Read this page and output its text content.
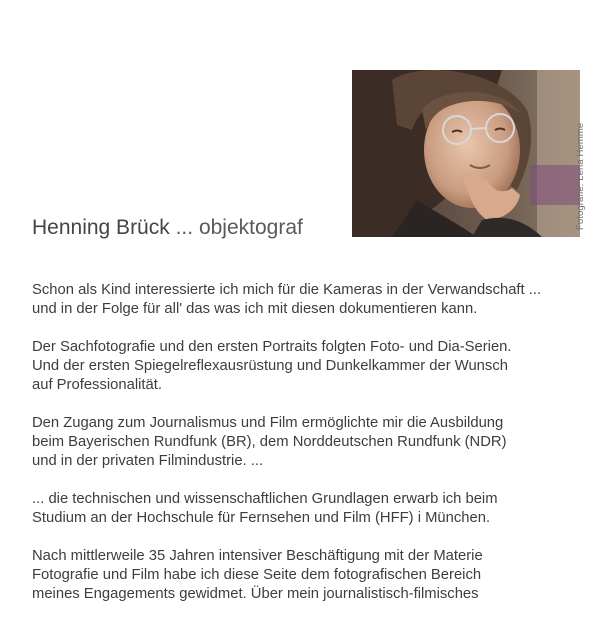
Fotografie: Lena Hemme
Henning Brück ... objektograf

Schon als Kind interessierte ich mich für die Kameras in der Verwandschaft ...
und in der Folge für all' das was ich mit diesen dokumentieren kann.

Der Sachfotografie und den ersten Portraits folgten Foto- und Dia-Serien.
Und der ersten Spiegelreflexausrüstung und Dunkelkammer der Wunsch
auf Professionalität.

Den Zugang zum Journalismus und Film ermöglichte mir die Ausbildung
beim Bayerischen Rundfunk (BR), dem Norddeutschen Rundfunk (NDR)
und in der privaten Filmindustrie. ...

... die technischen und wissenschaftlichen Grundlagen erwarb ich beim
Studium an der Hochschule für Fernsehen und Film (HFF) i München.

Nach mittlerweile 35 Jahren intensiver Beschäftigung mit der Materie
Fotografie und Film habe ich diese Seite dem fotografischen Bereich
meines Engagements gewidmet. Über mein journalistisch-filmisches
